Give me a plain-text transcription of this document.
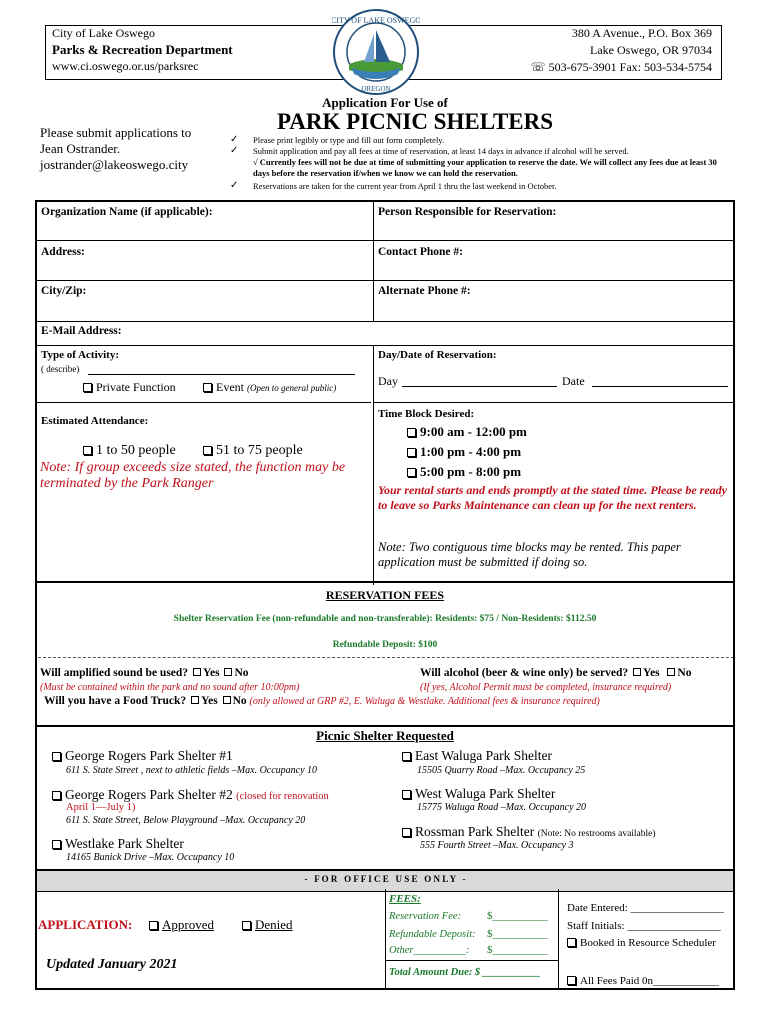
City of Lake Oswego
Parks & Recreation Department
www.ci.oswego.or.us/parksrec
380 A Avenue., P.O. Box 369
Lake Oswego, OR 97034
☏ 503-675-3901 Fax: 503-534-5754
CITY OF LAKE OSWEGO
OREGON
Application For Use of
PARK PICNIC SHELTERS
Please submit applications to
Jean Ostrander.
jostrander@lakeoswego.city
✓ Please print legibly or type and fill out form completely.
✓ Submit application and pay all fees at time of reservation, at least 14 days in advance if alcohol will be served.
√ Currently fees will not be due at time of submitting your application to reserve the date. We will collect any fees due at least 30 days before the reservation if/when we know we can hold the reservation.
✓ Reservations are taken for the current year from April 1 thru the last weekend in October.
Organization Name (if applicable):	Person Responsible for Reservation:
Address:	Contact Phone #:
City/Zip:	Alternate Phone #:
E-Mail Address:
Type of Activity:
( describe)
Private Function	Event (Open to general public)
Day/Date of Reservation:
Day	Date
Estimated Attendance:
1 to 50 people	51 to 75 people
Note: If group exceeds size stated, the function may be terminated by the Park Ranger
Time Block Desired:
9:00 am - 12:00 pm
1:00 pm - 4:00 pm
5:00 pm - 8:00 pm
Your rental starts and ends promptly at the stated time. Please be ready to leave so Parks Maintenance can clean up for the next renters.
Note: Two contiguous time blocks may be rented. This paper application must be submitted if doing so.
RESERVATION FEES
Shelter Reservation Fee (non-refundable and non-transferable): Residents: $75 / Non-Residents: $112.50
Refundable Deposit: $100
Will amplified sound be used? Yes No
(Must be contained within the park and no sound after 10:00pm)
Will alcohol (beer & wine only) be served? Yes No
(If yes, Alcohol Permit must be completed, insurance required)
Will you have a Food Truck? Yes No (only allowed at GRP #2, E. Waluga & Westlake. Additional fees & insurance required)
Picnic Shelter Requested
George Rogers Park Shelter #1
611 S. State Street , next to athletic fields –Max. Occupancy 10
George Rogers Park Shelter #2 (closed for renovation
April 1—July 1)
611 S. State Street, Below Playground –Max. Occupancy 20
Westlake Park Shelter
14165 Bunick Drive –Max. Occupancy 10
East Waluga Park Shelter
15505 Quarry Road –Max. Occupancy 25
West Waluga Park Shelter
15775 Waluga Road –Max. Occupancy 20
Rossman Park Shelter (Note: No restrooms available)
555 Fourth Street –Max. Occupancy 3
-   F O R   O F F I C E   U S E   O N L Y   -
APPLICATION:	Approved	Denied
Updated January 2021
FEES:
Reservation Fee: $__________
Refundable Deposit: $__________
Other__________: $__________
Total Amount Due: $ ___________
Date Entered: _________________
Staff Initials: _________________
Booked in Resource Scheduler
All Fees Paid 0n____________
